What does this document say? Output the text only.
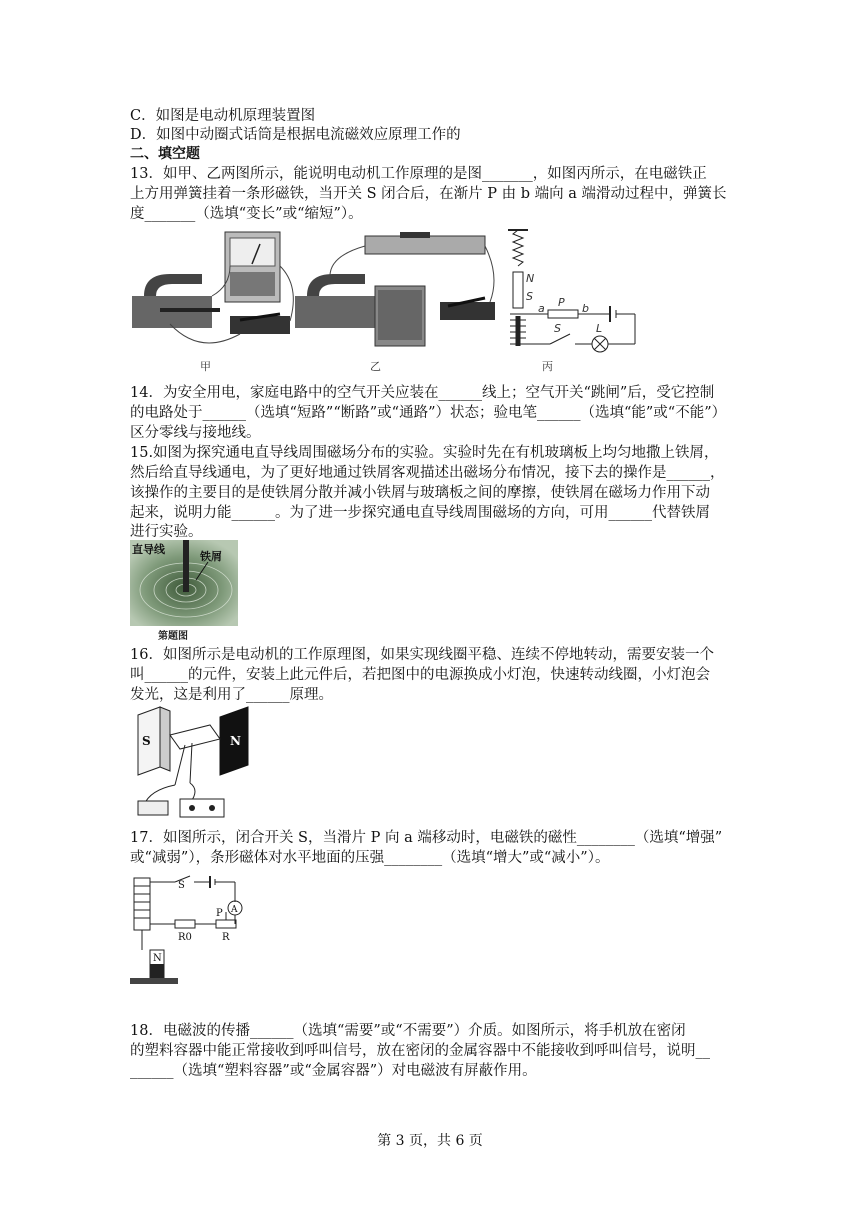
C．如图是电动机原理装置图
D．如图中动圈式话筒是根据电流磁效应原理工作的
二、填空题
13．如甲、乙两图所示，能说明电动机工作原理的是图_______，如图丙所示，在电磁铁正
上方用弹簧挂着一条形磁铁，当开关 S 闭合后，在渐片 P 由 b 端向 a 端滑动过程中，弹簧长
度_______（选填“变长”或“缩短”）。
甲	乙
N
S P
a	b
S	L
丙
14．为安全用电，家庭电路中的空气开关应装在______线上；空气开关“跳闸”后，受它控制
的电路处于______（选填“短路”“断路”或“通路”）状态；验电笔______（选填“能”或“不能”）
区分零线与接地线。
15.如图为探究通电直导线周围磁场分布的实验。实验时先在有机玻璃板上均匀地撒上铁屑，
然后给直导线通电，为了更好地通过铁屑客观描述出磁场分布情况，接下去的操作是______，
该操作的主要目的是使铁屑分散并减小铁屑与玻璃板之间的摩擦，使铁屑在磁场力作用下动
起来，说明力能______。为了进一步探究通电直导线周围磁场的方向，可用______代替铁屑
进行实验。
直导线
铁屑
第题图
16．如图所示是电动机的工作原理图，如果实现线圈平稳、连续不停地转动，需要安装一个
叫______的元件，安装上此元件后，若把图中的电源换成小灯泡，快速转动线圈，小灯泡会
发光，这是利用了______原理。
S	N
17．如图所示，闭合开关 S，当滑片 P 向 a 端移动时，电磁铁的磁性________（选填“增强”
或“减弱”），条形磁体对水平地面的压强________（选填“增大”或“减小”）。
S
A
P
R
R0
N
18．电磁波的传播______（选填“需要”或“不需要”）介质。如图所示，将手机放在密闭
的塑料容器中能正常接收到呼叫信号，放在密闭的金属容器中不能接收到呼叫信号，说明__
______（选填“塑料容器”或“金属容器”）对电磁波有屏蔽作用。
第 3 页，共 6 页
